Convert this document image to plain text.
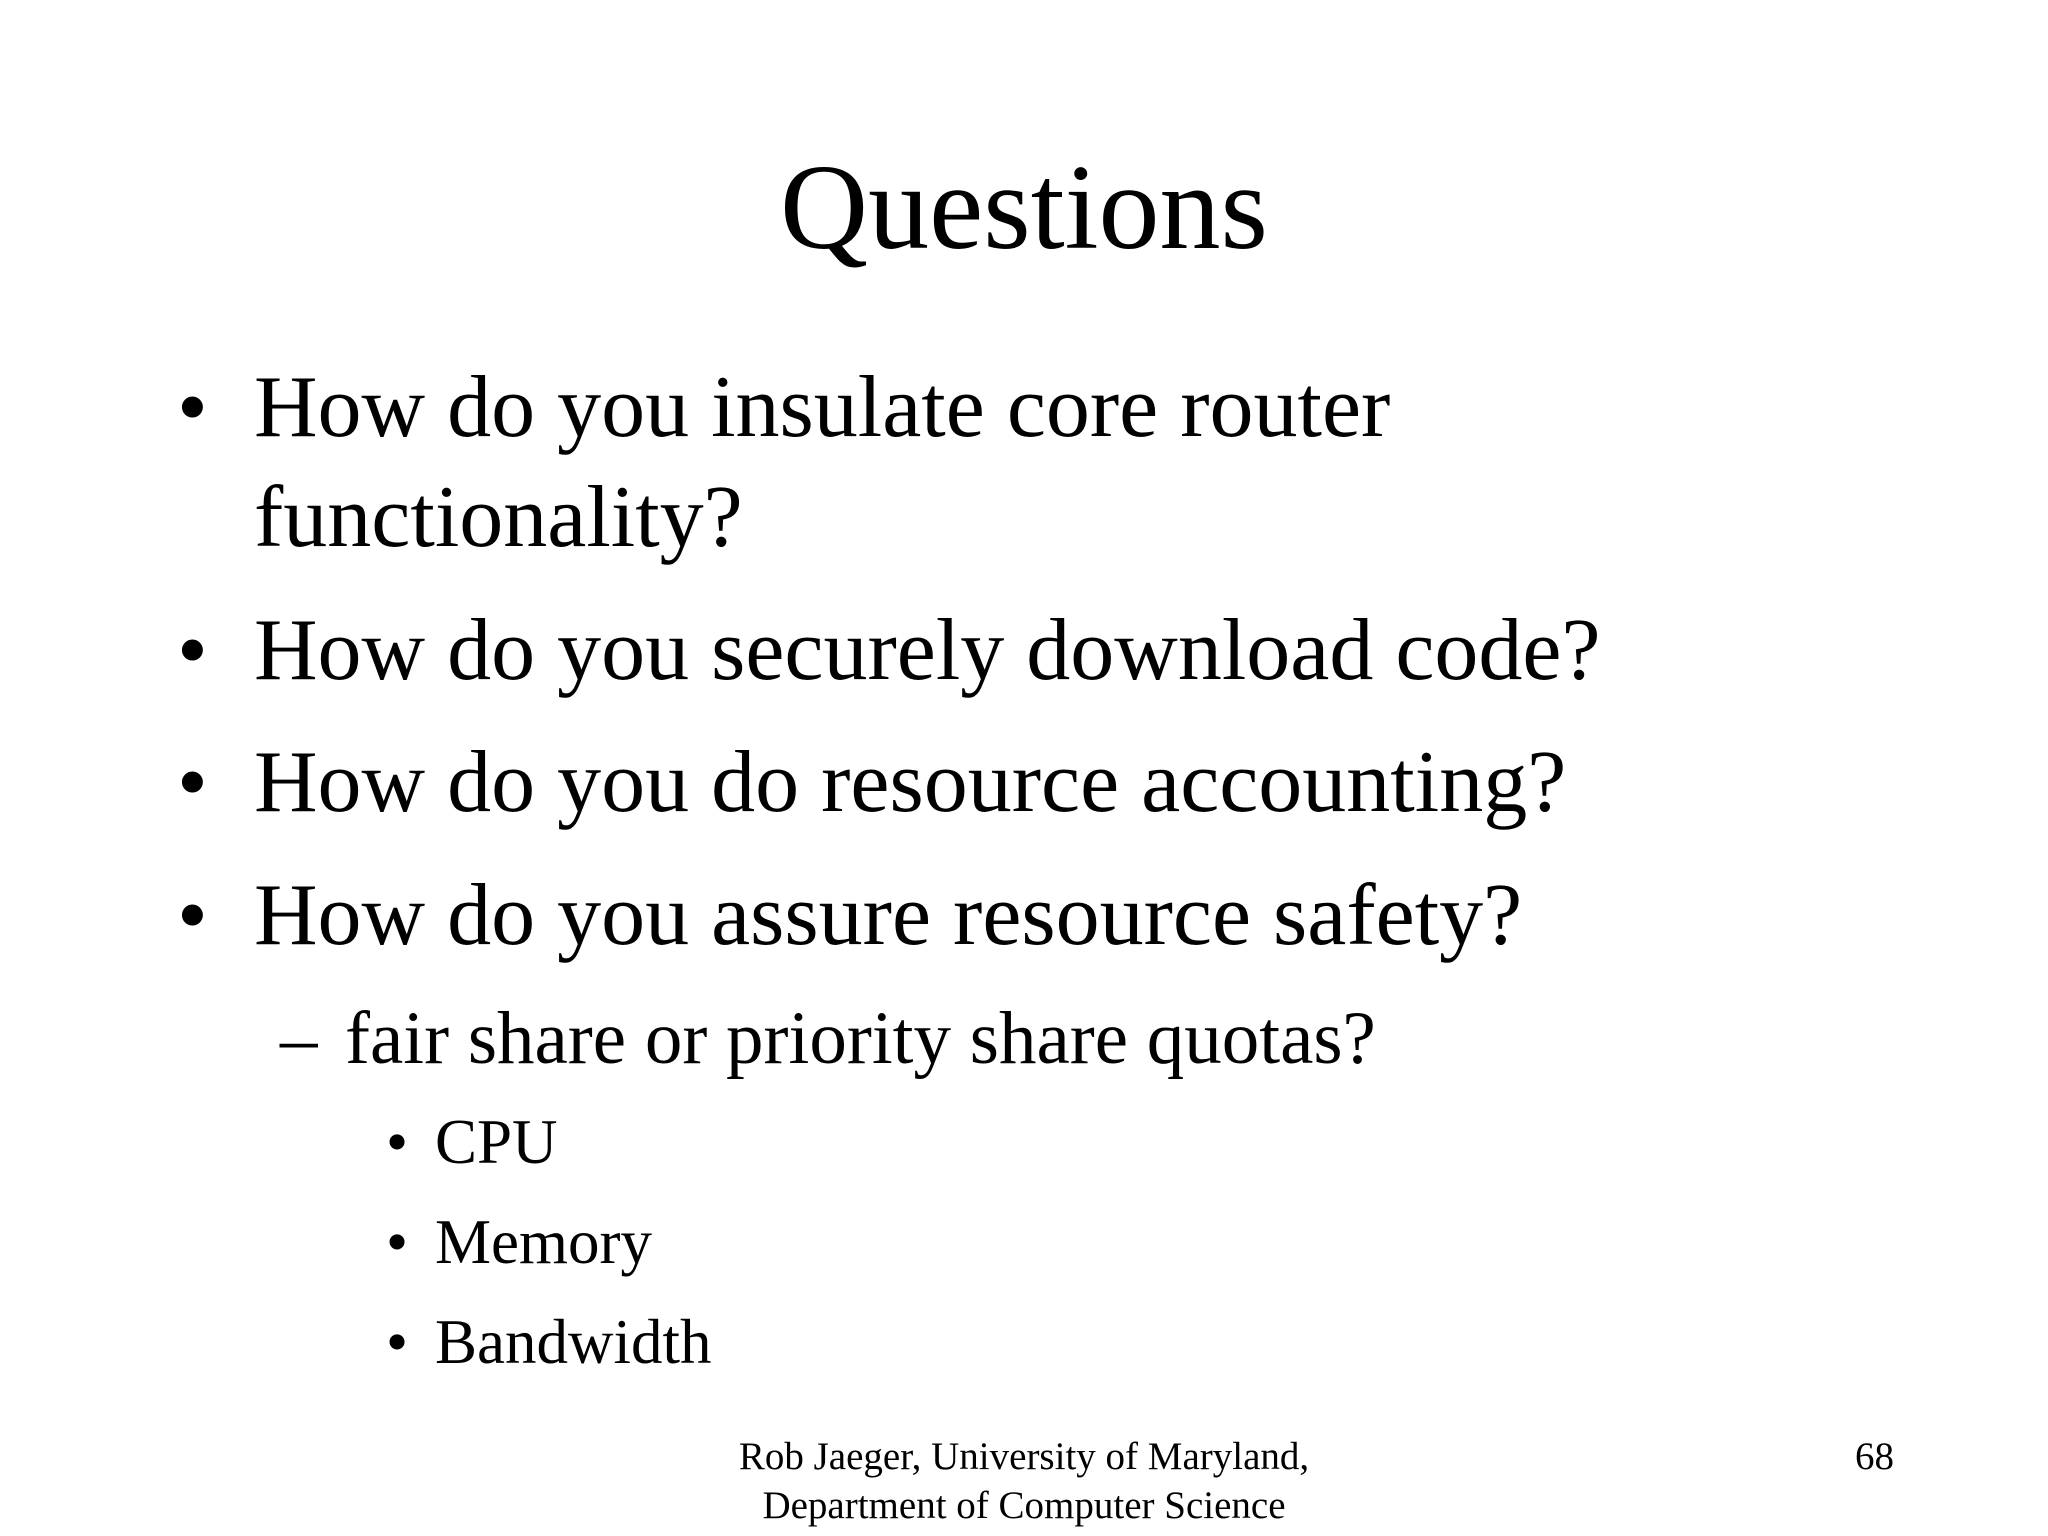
Questions
• How do you insulate core router
functionality?
• How do you securely download code?
• How do you do resource accounting?
• How do you assure resource safety?
– fair share or priority share quotas?
• CPU
• Memory
• Bandwidth
Rob Jaeger, University of Maryland,
Department of Computer Science
68
